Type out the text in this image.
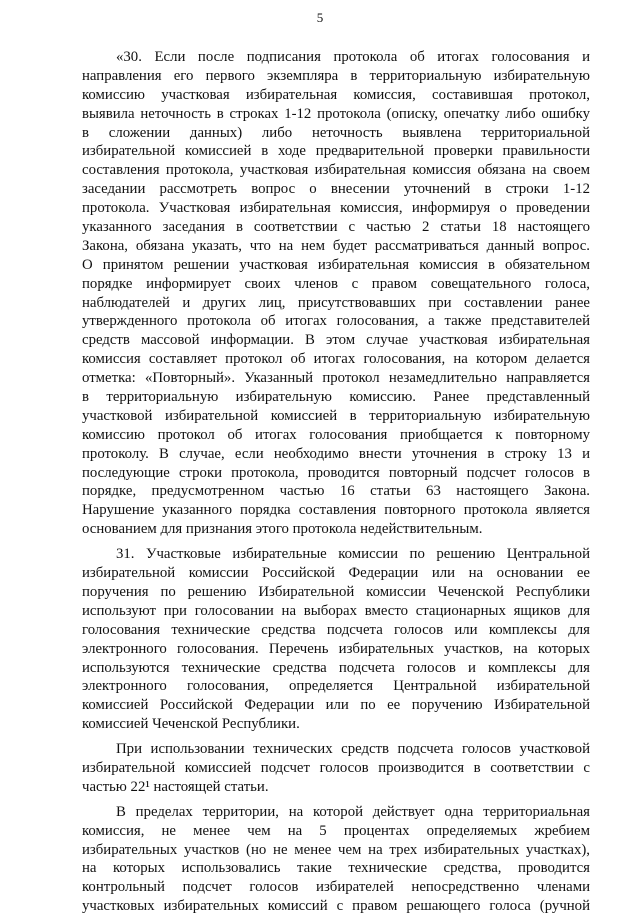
5
«30. Если после подписания протокола об итогах голосования и
направления его первого экземпляра в территориальную избирательную
комиссию участковая избирательная комиссия, составившая протокол,
выявила неточность в строках 1-12 протокола (описку, опечатку либо ошибку
в сложении данных) либо неточность выявлена территориальной
избирательной комиссией в ходе предварительной проверки правильности
составления протокола, участковая избирательная комиссия обязана на своем
заседании рассмотреть вопрос о внесении уточнений в строки 1-12
протокола. Участковая избирательная комиссия, информируя о проведении
указанного заседания в соответствии с частью 2 статьи 18 настоящего
Закона, обязана указать, что на нем будет рассматриваться данный вопрос.
О принятом решении участковая избирательная комиссия в обязательном
порядке информирует своих членов с правом совещательного голоса,
наблюдателей и других лиц, присутствовавших при составлении ранее
утвержденного протокола об итогах голосования, а также представителей
средств массовой информации. В этом случае участковая избирательная
комиссия составляет протокол об итогах голосования, на котором делается
отметка: «Повторный». Указанный протокол незамедлительно направляется
в территориальную избирательную комиссию. Ранее представленный
участковой избирательной комиссией в территориальную избирательную
комиссию протокол об итогах голосования приобщается к повторному
протоколу. В случае, если необходимо внести уточнения в строку 13 и
последующие строки протокола, проводится повторный подсчет голосов в
порядке, предусмотренном частью 16 статьи 63 настоящего Закона.
Нарушение указанного порядка составления повторного протокола является
основанием для признания этого протокола недействительным.
31. Участковые избирательные комиссии по решению Центральной
избирательной комиссии Российской Федерации или на основании ее
поручения по решению Избирательной комиссии Чеченской Республики
используют при голосовании на выборах вместо стационарных ящиков для
голосования технические средства подсчета голосов или комплексы для
электронного голосования. Перечень избирательных участков, на которых
используются технические средства подсчета голосов и комплексы для
электронного голосования, определяется Центральной избирательной
комиссией Российской Федерации или по ее поручению Избирательной
комиссией Чеченской Республики.
При использовании технических средств подсчета голосов участковой
избирательной комиссией подсчет голосов производится в соответствии с
частью 22¹ настоящей статьи.
В пределах территории, на которой действует одна территориальная
комиссия, не менее чем на 5 процентах определяемых жребием
избирательных участков (но не менее чем на трех избирательных участках),
на которых использовались такие технические средства, проводится
контрольный подсчет голосов избирателей непосредственно членами
участковых избирательных комиссий с правом решающего голоса (ручной
